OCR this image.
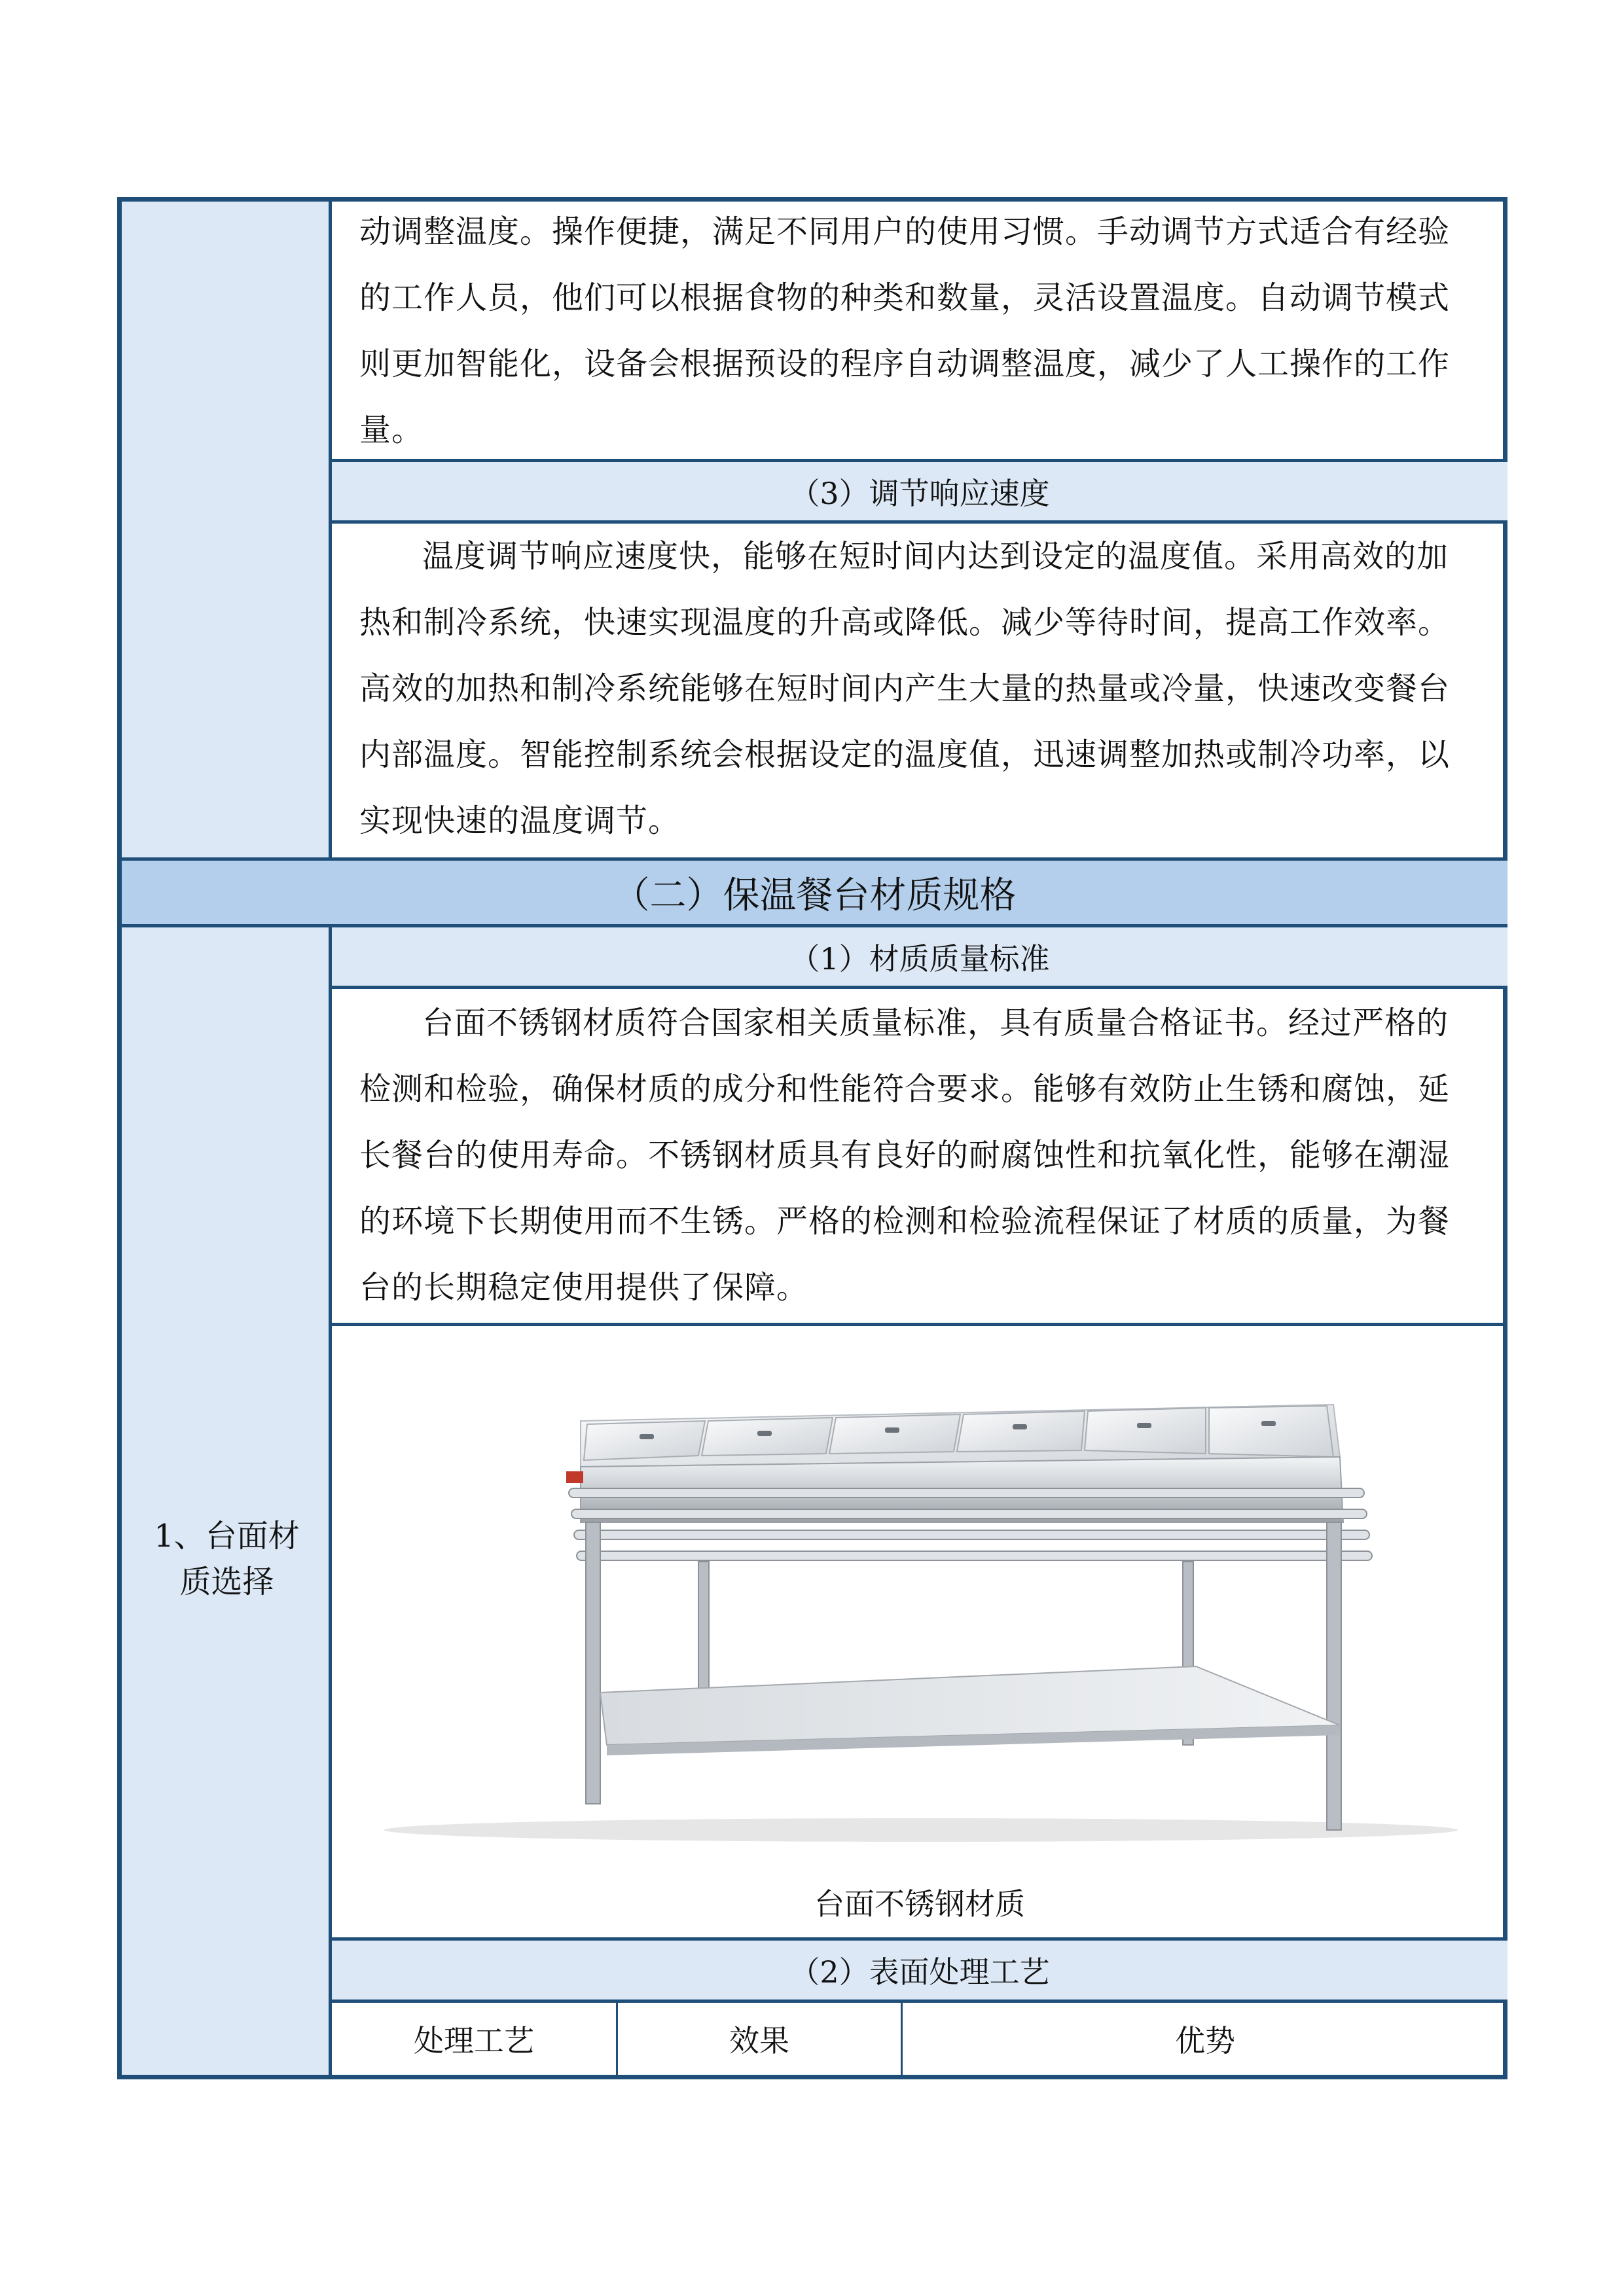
1、台面材
质选择

动调整温度。操作便捷，满足不同用户的使用习惯。手动调节方式适合有经验

的工作人员，他们可以根据食物的种类和数量，灵活设置温度。自动调节模式

则更加智能化，设备会根据预设的程序自动调整温度，减少了人工操作的工作

量。

（3）调节响应速度

温度调节响应速度快，能够在短时间内达到设定的温度值。采用高效的加

热和制冷系统，快速实现温度的升高或降低。减少等待时间，提高工作效率。

高效的加热和制冷系统能够在短时间内产生大量的热量或冷量，快速改变餐台

内部温度。智能控制系统会根据设定的温度值，迅速调整加热或制冷功率，以

实现快速的温度调节。

（二）保温餐台材质规格
（1）材质质量标准

台面不锈钢材质符合国家相关质量标准，具有质量合格证书。经过严格的

检测和检验，确保材质的成分和性能符合要求。能够有效防止生锈和腐蚀，延

长餐台的使用寿命。不锈钢材质具有良好的耐腐蚀性和抗氧化性，能够在潮湿

的环境下长期使用而不生锈。严格的检测和检验流程保证了材质的质量，为餐

台的长期稳定使用提供了保障。

台面不锈钢材质
（2）表面处理工艺
处理工艺	效果	优势
